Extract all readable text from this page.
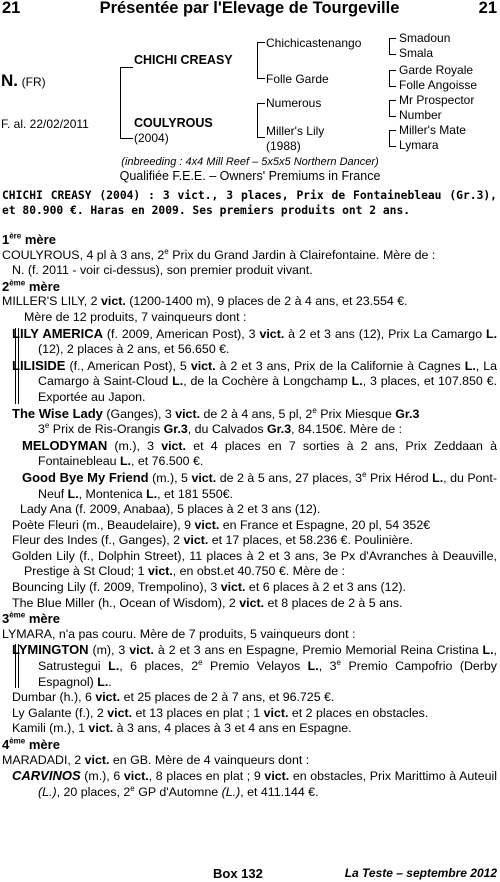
21	Présentée par l'Elevage de Tourgeville	21
N. (FR)
F. al. 22/02/2011
CHICHI CREASY
COULYROUS
(2004)
Chichicastenango
Folle Garde
Numerous
Miller's Lily
(1988)
Smadoun
Smala
Garde Royale
Folle Angoisse
Mr Prospector
Number
Miller's Mate
Lymara
(inbreeding : 4x4 Mill Reef – 5x5x5 Northern Dancer)
Qualifiée F.E.E. – Owners' Premiums in France
CHICHI CREASY (2004) : 3 vict., 3 places, Prix de Fontainebleau (Gr.3), et 80.900 €. Haras en 2009. Ses premiers produits ont 2 ans.
1ère mère

COULYROUS, 4 pl à 3 ans, 2e Prix du Grand Jardin à Clairefontaine. Mère de :

N. (f. 2011 - voir ci-dessus), son premier produit vivant.

2ème mère

MILLER'S LILY, 2 vict. (1200-1400 m), 9 places de 2 à 4 ans, et 23.554 €.

Mère de 12 produits, 7 vainqueurs dont :

LILY AMERICA (f. 2009, American Post), 3 vict. à 2 et 3 ans (12), Prix La Camargo L. (12), 2 places à 2 ans, et 56.650 €.

LILISIDE (f., American Post), 5 vict. à 2 et 3 ans, Prix de la Californie à Cagnes L., La Camargo à Saint-Cloud L., de la Cochère à Longchamp L., 3 places, et 107.850 €. Exportée au Japon.

The Wise Lady (Ganges), 3 vict. de 2 à 4 ans, 5 pl, 2e Prix Miesque Gr.3
3e Prix de Ris-Orangis Gr.3, du Calvados Gr.3, 84.150€. Mère de :

MELODYMAN (m.), 3 vict. et 4 places en 7 sorties à 2 ans, Prix Zeddaan à Fontainebleau L., et 76.500 €.

Good Bye My Friend (m.), 5 vict. de 2 à 5 ans, 27 places, 3e Prix Hérod L., du Pont-Neuf L., Montenica L., et 181 550€.

Lady Ana (f. 2009, Anabaa), 5 places à 2 et 3 ans (12).

Poète Fleuri (m., Beaudelaire), 9 vict. en France et Espagne, 20 pl, 54 352€

Fleur des Indes (f., Ganges), 2 vict. et 17 places, et 58.236 €. Poulinière.

Golden Lily (f., Dolphin Street), 11 places à 2 et 3 ans, 3e Px d'Avranches à Deauville, Prestige à St Cloud; 1 vict., en obst.et 40.750 €. Mère de :

Bouncing Lily (f. 2009, Trempolino), 3 vict. et 6 places à 2 et 3 ans (12).

The Blue Miller (h., Ocean of Wisdom), 2 vict. et 8 places de 2 à 5 ans.

3ème mère

LYMARA, n'a pas couru. Mère de 7 produits, 5 vainqueurs dont :

LYMINGTON (m), 3 vict. à 2 et 3 ans en Espagne, Premio Memorial Reina Cristina L., Satrustegui L., 6 places, 2e Premio Velayos L., 3e Premio Campofrio (Derby Espagnol) L..

Dumbar (h.), 6 vict. et 25 places de 2 à 7 ans, et 96.725 €.

Ly Galante (f.), 2 vict. et 13 places en plat ; 1 vict. et 2 places en obstacles.

Kamili (m.), 1 vict. à 3 ans, 4 places à 3 et 4 ans en Espagne.

4ème mère

MARADADI, 2 vict. en GB. Mère de 4 vainqueurs dont :

CARVINOS (m.), 6 vict., 8 places en plat ; 9 vict. en obstacles, Prix Marittimo à Auteuil (L.), 20 places, 2e GP d'Automne (L.), et 411.144 €.

Box 132	La Teste – septembre 2012
